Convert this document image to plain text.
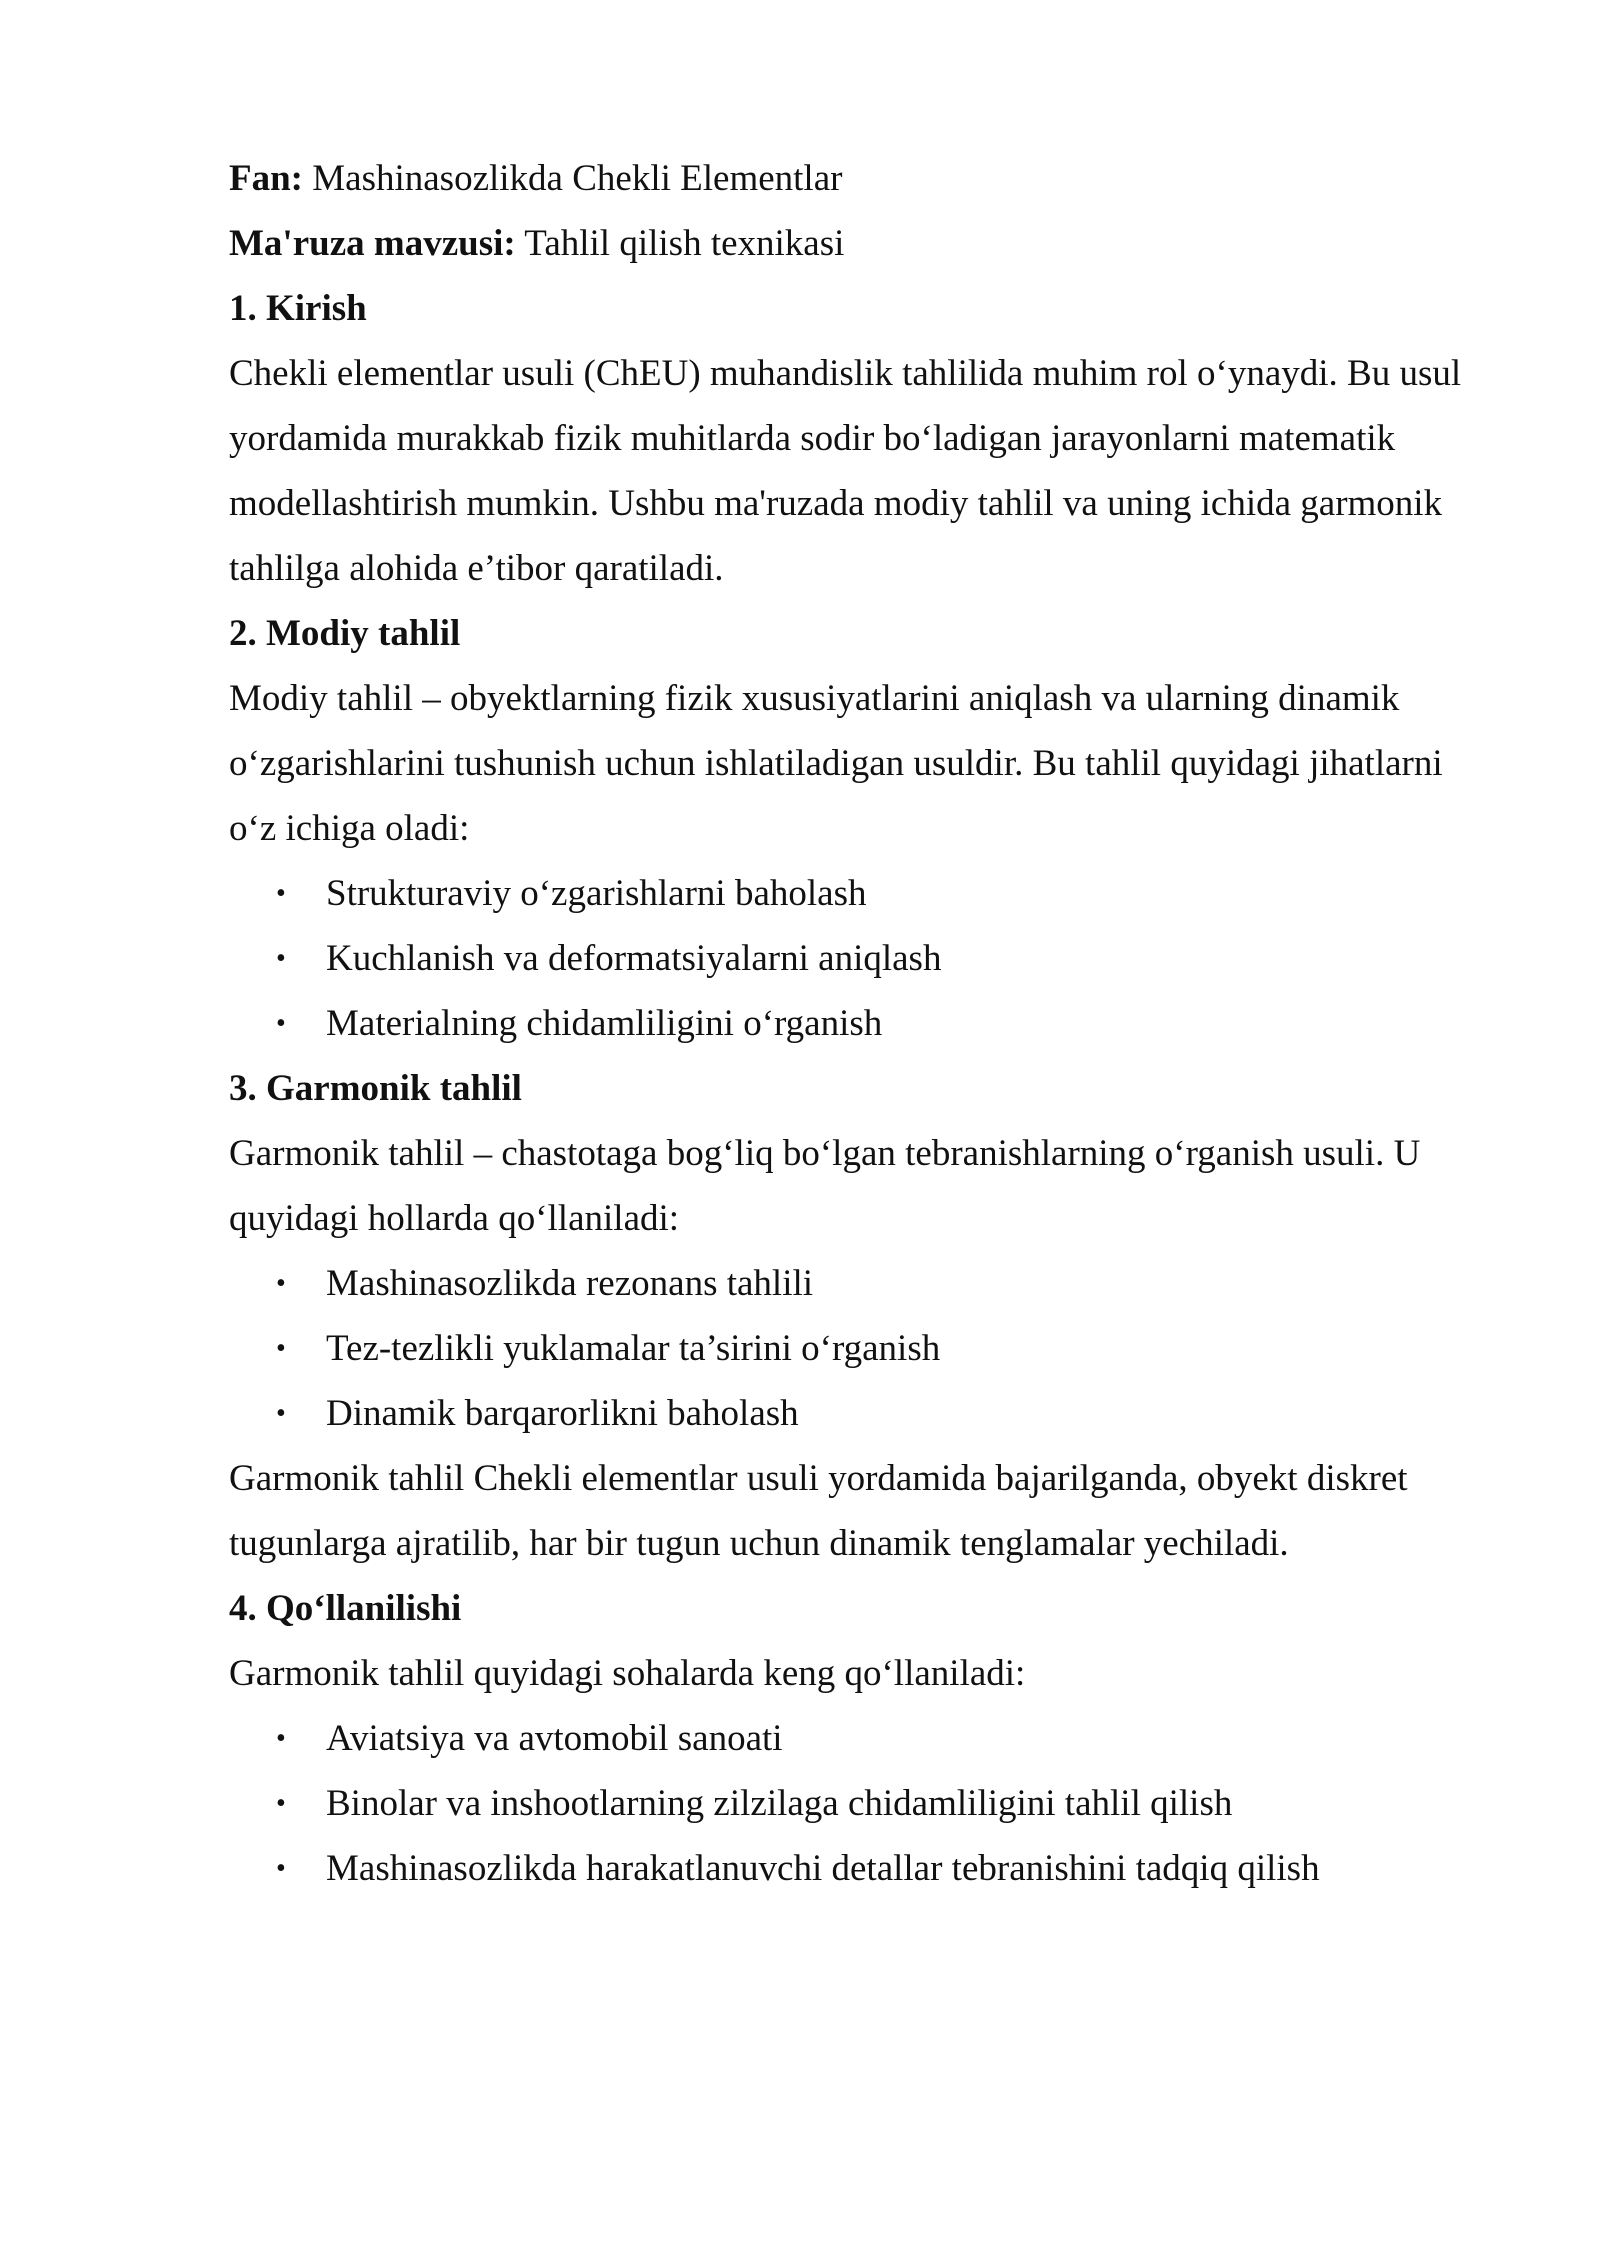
Fan: Mashinasozlikda Chekli Elementlar

Ma'ruza mavzusi: Tahlil qilish texnikasi

1. Kirish

Chekli elementlar usuli (ChEU) muhandislik tahlilida muhim rol o‘ynaydi. Bu usul
yordamida murakkab fizik muhitlarda sodir bo‘ladigan jarayonlarni matematik
modellashtirish mumkin. Ushbu ma'ruzada modiy tahlil va uning ichida garmonik
tahlilga alohida e’tibor qaratiladi.

2. Modiy tahlil

Modiy tahlil – obyektlarning fizik xususiyatlarini aniqlash va ularning dinamik
o‘zgarishlarini tushunish uchun ishlatiladigan usuldir. Bu tahlil quyidagi jihatlarni
o‘z ichiga oladi:

• Strukturaviy o‘zgarishlarni baholash
• Kuchlanish va deformatsiyalarni aniqlash
• Materialning chidamliligini o‘rganish

3. Garmonik tahlil

Garmonik tahlil – chastotaga bog‘liq bo‘lgan tebranishlarning o‘rganish usuli. U
quyidagi hollarda qo‘llaniladi:

• Mashinasozlikda rezonans tahlili
• Tez-tezlikli yuklamalar ta’sirini o‘rganish
• Dinamik barqarorlikni baholash

Garmonik tahlil Chekli elementlar usuli yordamida bajarilganda, obyekt diskret
tugunlarga ajratilib, har bir tugun uchun dinamik tenglamalar yechiladi.

4. Qo‘llanilishi

Garmonik tahlil quyidagi sohalarda keng qo‘llaniladi:

• Aviatsiya va avtomobil sanoati
• Binolar va inshootlarning zilzilaga chidamliligini tahlil qilish
• Mashinasozlikda harakatlanuvchi detallar tebranishini tadqiq qilish
